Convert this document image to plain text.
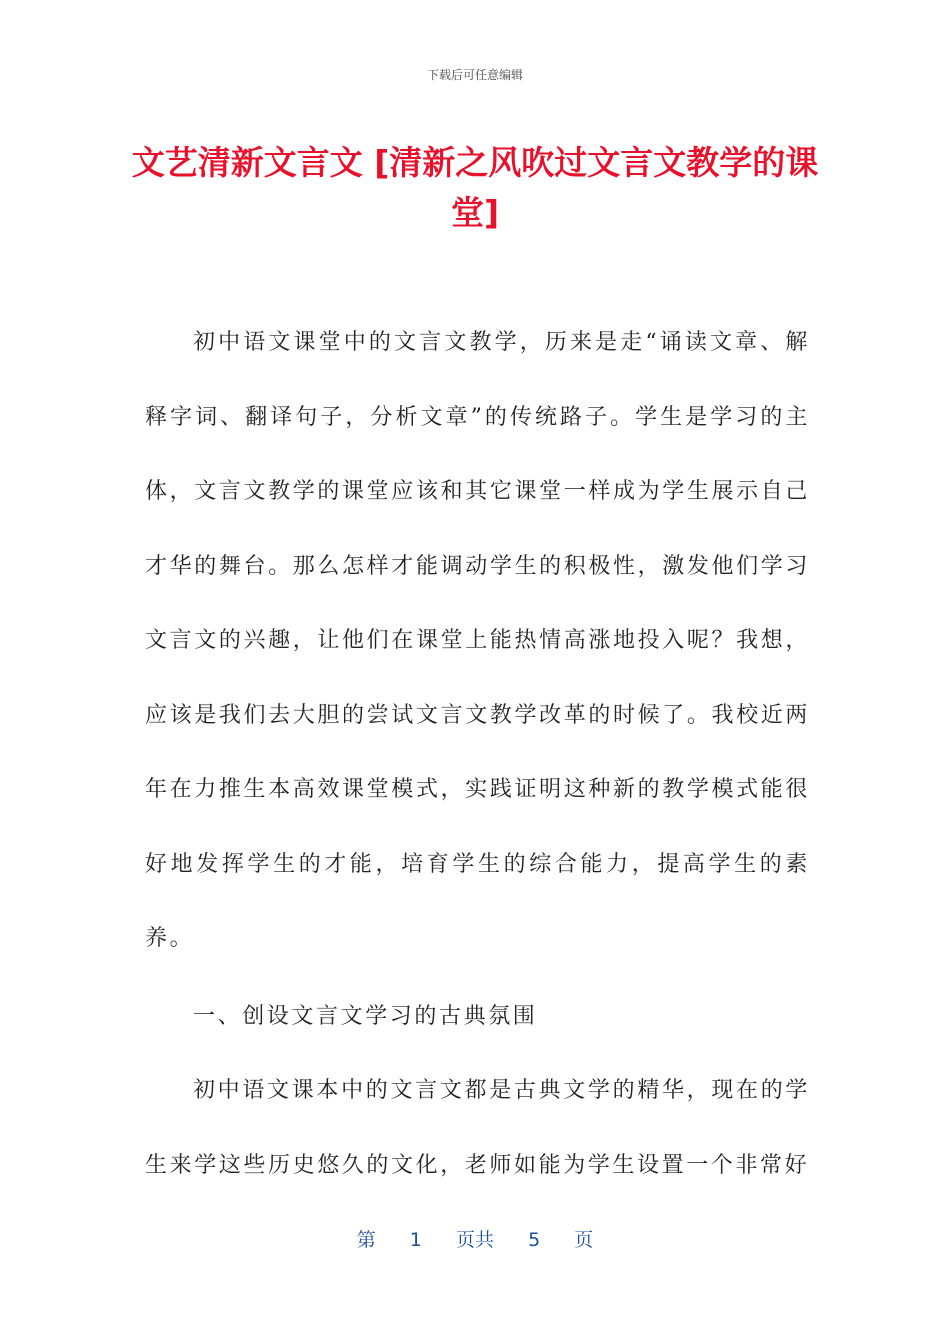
下载后可任意编辑
文艺清新文言文 [清新之风吹过文言文教学的课堂]

初中语文课堂中的文言文教学，历来是走“诵读文章、解释字词、翻译句子，分析文章”的传统路子。学生是学习的主体，文言文教学的课堂应该和其它课堂一样成为学生展示自己才华的舞台。那么怎样才能调动学生的积极性，激发他们学习文言文的兴趣，让他们在课堂上能热情高涨地投入呢？我想，应该是我们去大胆的尝试文言文教学改革的时候了。我校近两年在力推生本高效课堂模式，实践证明这种新的教学模式能很好地发挥学生的才能，培育学生的综合能力，提高学生的素养。

一、创设文言文学习的古典氛围

初中语文课本中的文言文都是古典文学的精华，现在的学生来学这些历史悠久的文化，老师如能为学生设置一个非常好

第 1 页共 5 页
